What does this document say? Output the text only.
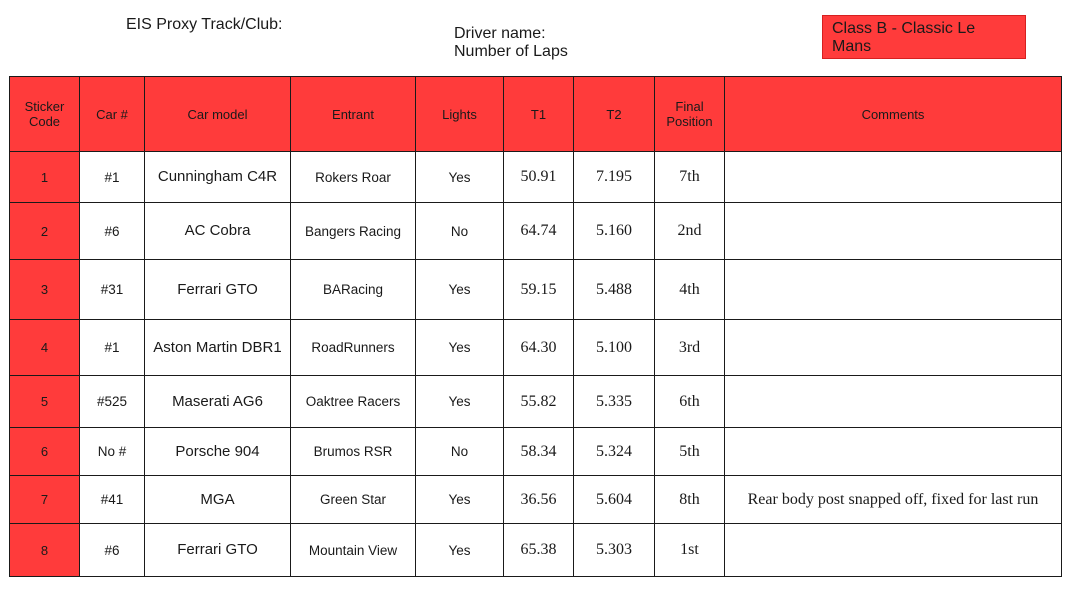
EIS Proxy Track/Club:
Driver name:
Number of Laps
Class B - Classic Le Mans
Sticker Code	Car #	Car model	Entrant	Lights	T1	T2	Final Position	Comments
1	#1	Cunningham C4R	Rokers Roar	Yes	50.91	7.195	7th	
2	#6	AC Cobra	Bangers Racing	No	64.74	5.160	2nd	
3	#31	Ferrari GTO	BARacing	Yes	59.15	5.488	4th	
4	#1	Aston Martin DBR1	RoadRunners	Yes	64.30	5.100	3rd	
5	#525	Maserati AG6	Oaktree Racers	Yes	55.82	5.335	6th	
6	No #	Porsche 904	Brumos RSR	No	58.34	5.324	5th	
7	#41	MGA	Green Star	Yes	36.56	5.604	8th	Rear body post snapped off, fixed for last run
8	#6	Ferrari GTO	Mountain View	Yes	65.38	5.303	1st	
